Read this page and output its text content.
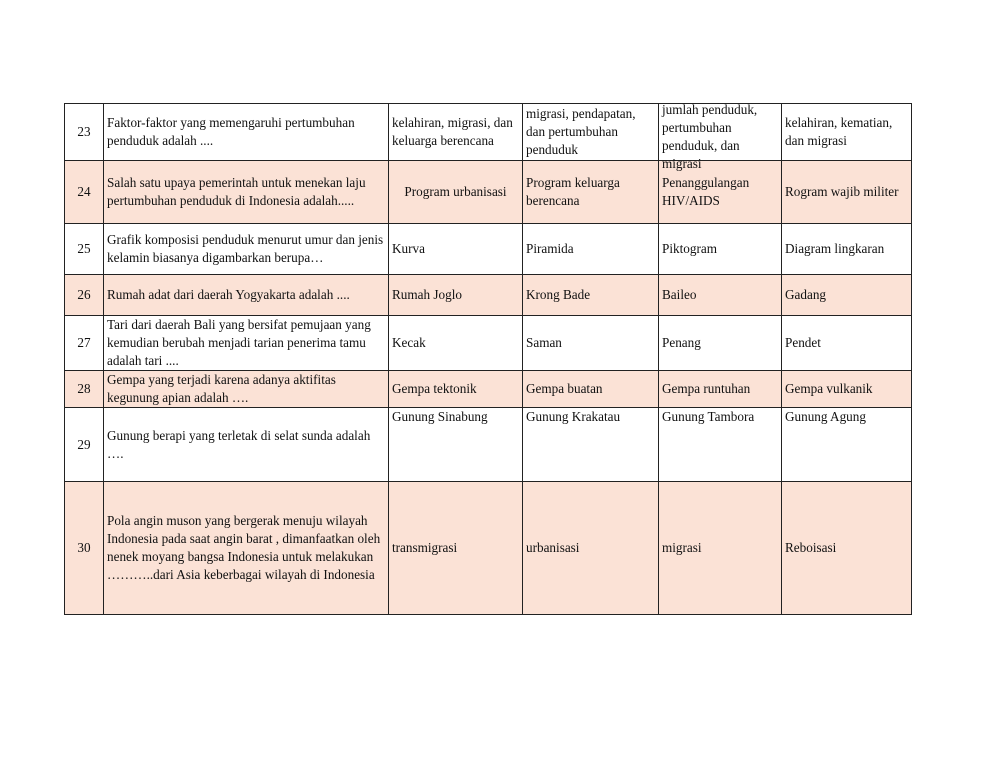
23	Faktor-faktor yang memengaruhi pertumbuhan penduduk adalah ....	kelahiran, migrasi, dan keluarga berencana	migrasi, pendapatan, dan pertumbuhan penduduk	jumlah penduduk, pertumbuhan penduduk, dan migrasi	kelahiran, kematian, dan migrasi
24	Salah satu upaya pemerintah untuk menekan laju pertumbuhan penduduk di Indonesia adalah.....	Program urbanisasi	Program keluarga berencana	Penanggulangan HIV/AIDS	Rogram wajib militer
25	Grafik komposisi penduduk menurut umur dan jenis kelamin biasanya digambarkan berupa…	Kurva	Piramida	Piktogram	Diagram lingkaran
26	Rumah adat dari daerah Yogyakarta adalah ....	Rumah Joglo	Krong Bade	Baileo	Gadang
27	Tari dari daerah Bali yang bersifat pemujaan yang kemudian berubah menjadi tarian penerima tamu adalah tari ....	Kecak	Saman	Penang	Pendet
28	Gempa yang terjadi karena adanya aktifitas kegunung apian adalah ….	Gempa tektonik	Gempa buatan	Gempa runtuhan	Gempa vulkanik
29	Gunung berapi yang terletak di selat sunda adalah ….	Gunung Sinabung	Gunung Krakatau	Gunung Tambora	Gunung Agung
30	Pola angin muson yang bergerak menuju wilayah Indonesia pada saat angin barat , dimanfaatkan oleh nenek moyang bangsa Indonesia untuk melakukan ………..dari Asia keberbagai wilayah di Indonesia	transmigrasi	urbanisasi	migrasi	Reboisasi
